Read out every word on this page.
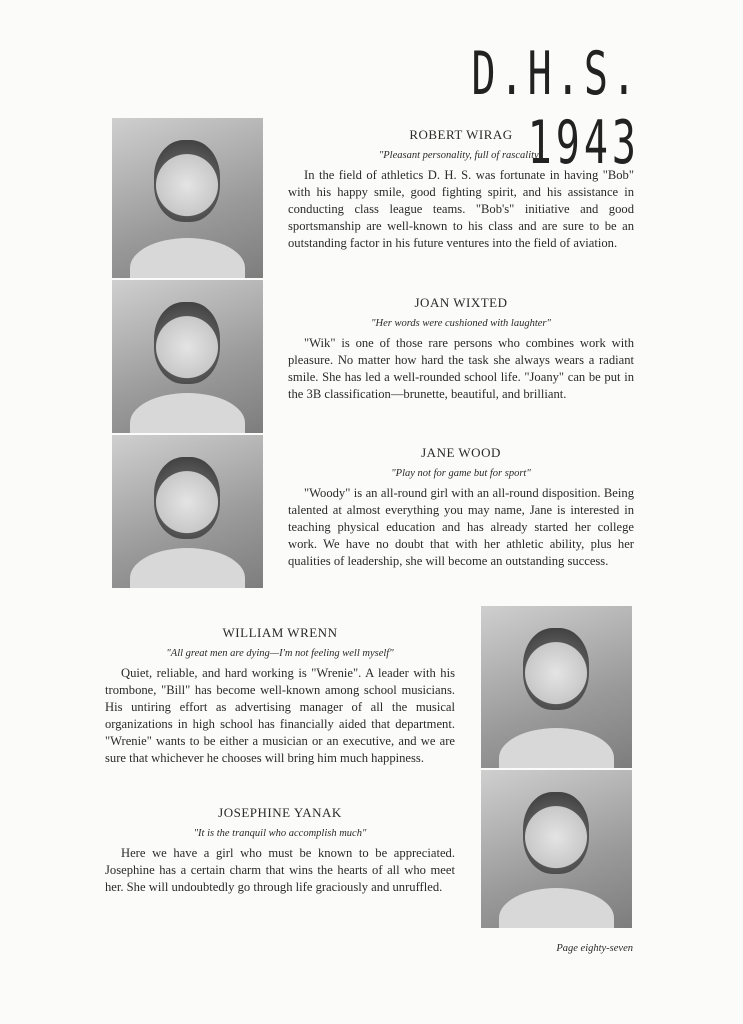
D.H.S. 1943
ROBERT WIRAG
"Pleasant personality, full of rascality"

In the field of athletics D. H. S. was fortunate in having "Bob" with his happy smile, good fighting spirit, and his assistance in conducting class league teams. "Bob's" initiative and good sportsmanship are well-known to his class and are sure to be an outstanding factor in his future ventures into the field of aviation.

JOAN WIXTED
"Her words were cushioned with laughter"

"Wik" is one of those rare persons who combines work with pleasure. No matter how hard the task she always wears a radiant smile. She has led a well-rounded school life. "Joany" can be put in the 3B classification—brunette, beautiful, and brilliant.

JANE WOOD
"Play not for game but for sport"

"Woody" is an all-round girl with an all-round disposition. Being talented at almost everything you may name, Jane is interested in teaching physical education and has already started her college work. We have no doubt that with her athletic ability, plus her qualities of leadership, she will become an outstanding success.

WILLIAM WRENN
"All great men are dying—I'm not feeling well myself"

Quiet, reliable, and hard working is "Wrenie". A leader with his trombone, "Bill" has become well-known among school musicians. His untiring effort as advertising manager of all the musical organizations in high school has financially aided that department. "Wrenie" wants to be either a musician or an executive, and we are sure that whichever he chooses will bring him much happiness.

JOSEPHINE YANAK
"It is the tranquil who accomplish much"

Here we have a girl who must be known to be appreciated. Josephine has a certain charm that wins the hearts of all who meet her. She will undoubtedly go through life graciously and unruffled.

Page eighty-seven
